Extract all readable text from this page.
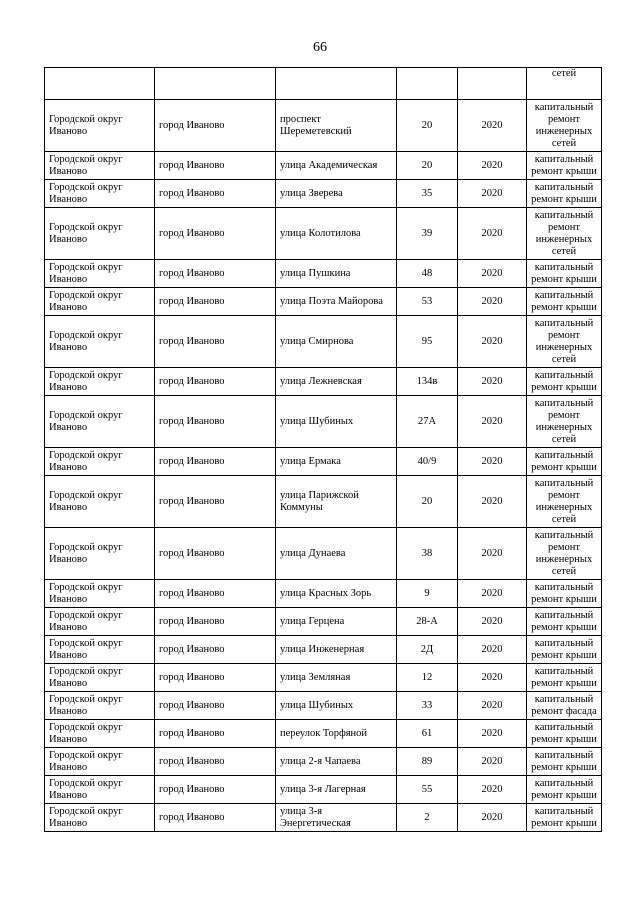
66
					сетей
Городской округ Иваново	город Иваново	проспект Шереметевский	20	2020	капитальный ремонт инженерных сетей
Городской округ Иваново	город Иваново	улица Академическая	20	2020	капитальный ремонт крыши
Городской округ Иваново	город Иваново	улица Зверева	35	2020	капитальный ремонт крыши
Городской округ Иваново	город Иваново	улица Колотилова	39	2020	капитальный ремонт инженерных сетей
Городской округ Иваново	город Иваново	улица Пушкина	48	2020	капитальный ремонт крыши
Городской округ Иваново	город Иваново	улица Поэта Майорова	53	2020	капитальный ремонт крыши
Городской округ Иваново	город Иваново	улица Смирнова	95	2020	капитальный ремонт инженерных сетей
Городской округ Иваново	город Иваново	улица Лежневская	134в	2020	капитальный ремонт крыши
Городской округ Иваново	город Иваново	улица Шубиных	27А	2020	капитальный ремонт инженерных сетей
Городской округ Иваново	город Иваново	улица Ермака	40/9	2020	капитальный ремонт крыши
Городской округ Иваново	город Иваново	улица Парижской Коммуны	20	2020	капитальный ремонт инженерных сетей
Городской округ Иваново	город Иваново	улица Дунаева	38	2020	капитальный ремонт инженерных сетей
Городской округ Иваново	город Иваново	улица Красных Зорь	9	2020	капитальный ремонт крыши
Городской округ Иваново	город Иваново	улица Герцена	28-А	2020	капитальный ремонт крыши
Городской округ Иваново	город Иваново	улица Инженерная	2Д	2020	капитальный ремонт крыши
Городской округ Иваново	город Иваново	улица Земляная	12	2020	капитальный ремонт крыши
Городской округ Иваново	город Иваново	улица Шубиных	33	2020	капитальный ремонт фасада
Городской округ Иваново	город Иваново	переулок Торфяной	61	2020	капитальный ремонт крыши
Городской округ Иваново	город Иваново	улица 2-я Чапаева	89	2020	капитальный ремонт крыши
Городской округ Иваново	город Иваново	улица 3-я Лагерная	55	2020	капитальный ремонт крыши
Городской округ Иваново	город Иваново	улица 3-я Энергетическая	2	2020	капитальный ремонт крыши
